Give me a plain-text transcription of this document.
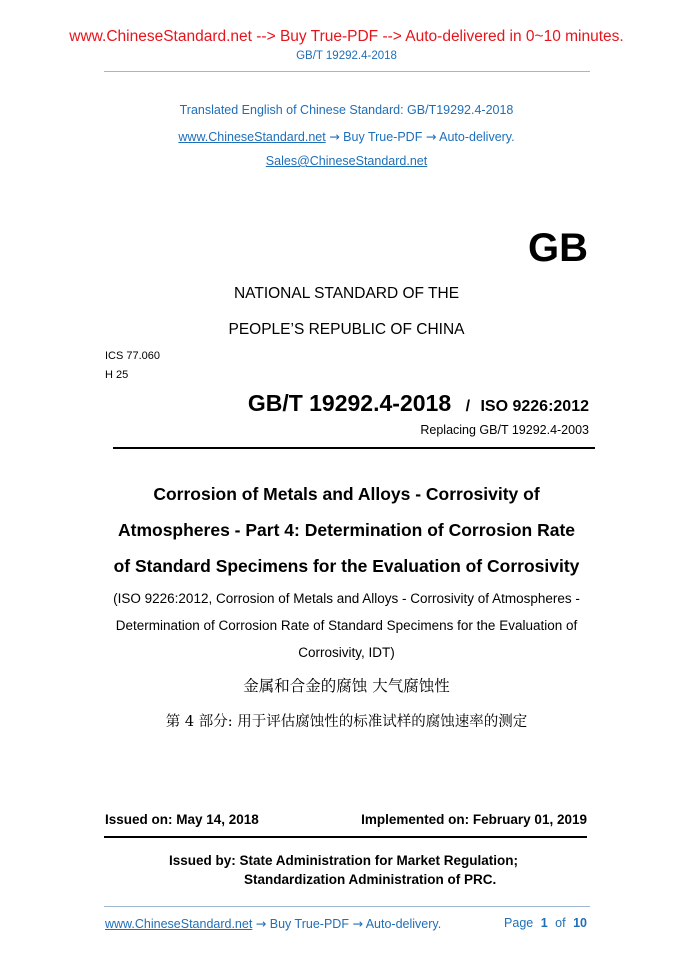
www.ChineseStandard.net --> Buy True-PDF --> Auto-delivered in 0~10 minutes.
GB/T 19292.4-2018
Translated English of Chinese Standard: GB/T19292.4-2018
www.ChineseStandard.net → Buy True-PDF → Auto-delivery.
Sales@ChineseStandard.net
GB
NATIONAL STANDARD OF THE
PEOPLE’S REPUBLIC OF CHINA
ICS 77.060
H 25
GB/T 19292.4-2018 / ISO 9226:2012
Replacing GB/T 19292.4-2003
Corrosion of Metals and Alloys - Corrosivity of
Atmospheres - Part 4: Determination of Corrosion Rate
of Standard Specimens for the Evaluation of Corrosivity
(ISO 9226:2012, Corrosion of Metals and Alloys - Corrosivity of Atmospheres -
Determination of Corrosion Rate of Standard Specimens for the Evaluation of
Corrosivity, IDT)
金属和合金的腐蚀 大气腐蚀性
第 4 部分: 用于评估腐蚀性的标准试样的腐蚀速率的测定
Issued on: May 14, 2018	Implemented on: February 01, 2019
Issued by: State Administration for Market Regulation;
Standardization Administration of PRC.
www.ChineseStandard.net → Buy True-PDF → Auto-delivery.	Page 1 of 10
